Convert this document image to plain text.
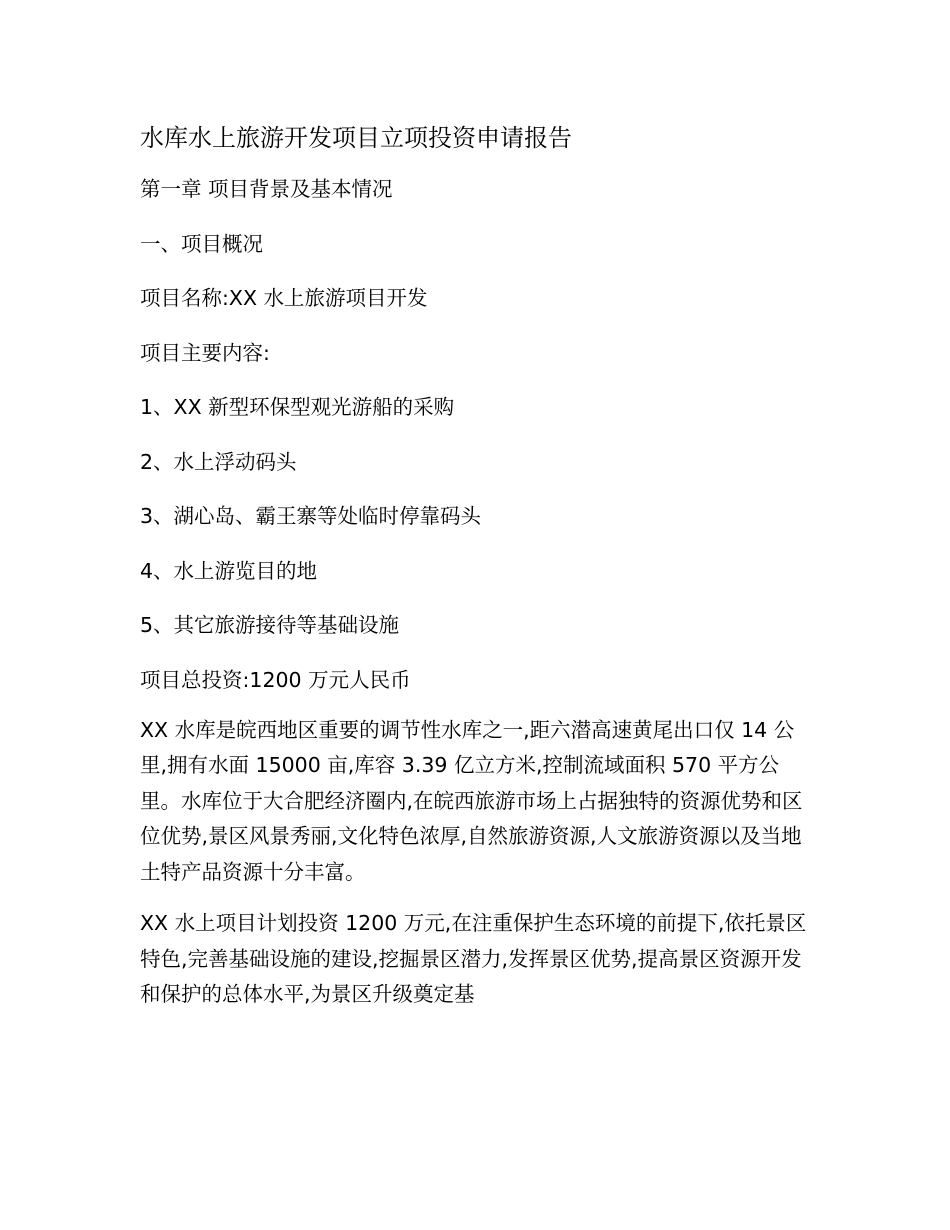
水库水上旅游开发项目立项投资申请报告
第一章 项目背景及基本情况
一、项目概况
项目名称:XX 水上旅游项目开发
项目主要内容:
1、XX 新型环保型观光游船的采购
2、水上浮动码头
3、湖心岛、霸王寨等处临时停靠码头
4、水上游览目的地
5、其它旅游接待等基础设施
项目总投资:1200 万元人民币
XX 水库是皖西地区重要的调节性水库之一,距六潜高速黄尾出口仅 14 公里,拥有水面 15000 亩,库容 3.39 亿立方米,控制流域面积 570 平方公里。水库位于大合肥经济圈内,在皖西旅游市场上占据独特的资源优势和区位优势,景区风景秀丽,文化特色浓厚,自然旅游资源,人文旅游资源以及当地土特产品资源十分丰富。
XX 水上项目计划投资 1200 万元,在注重保护生态环境的前提下,依托景区特色,完善基础设施的建设,挖掘景区潜力,发挥景区优势,提高景区资源开发和保护的总体水平,为景区升级奠定基
